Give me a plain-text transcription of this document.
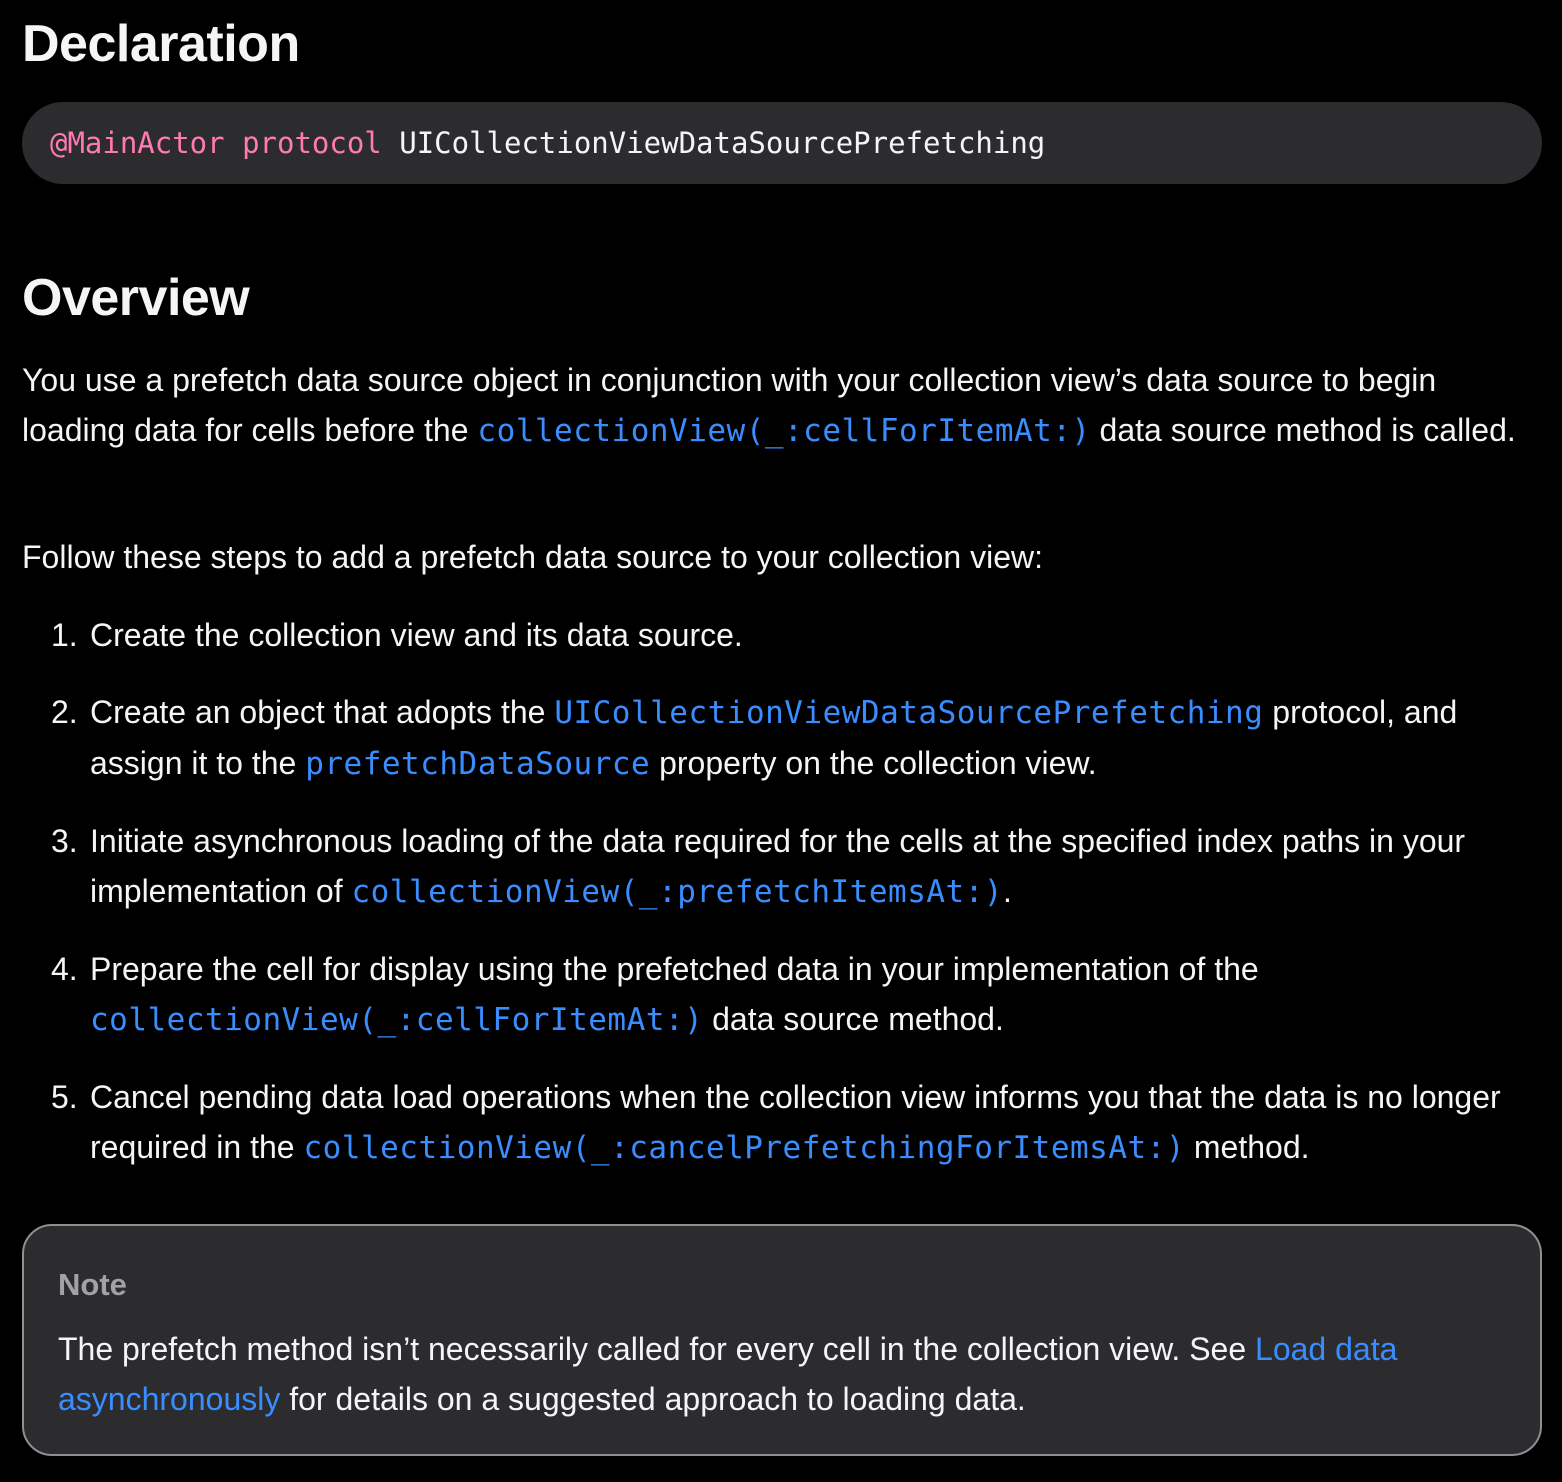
Declaration
@MainActor
protocol
UICollectionViewDataSourcePrefetching
Overview

You use a prefetch data source object in conjunction with your collection view’s data source to begin loading data for cells before the collectionView(_:cellForItemAt:) data source method is called.

Follow these steps to add a prefetch data source to your collection view:

1. Create the collection view and its data source.
2. Create an object that adopts the UICollectionViewDataSourcePrefetching protocol, and assign it to the prefetchDataSource property on the collection view.
3. Initiate asynchronous loading of the data required for the cells at the specified index paths in your implementation of collectionView(_:prefetchItemsAt:).
4. Prepare the cell for display using the prefetched data in your implementation of the collectionView(_:cellForItemAt:) data source method.
5. Cancel pending data load operations when the collection view informs you that the data is no longer required in the collectionView(_:cancelPrefetchingForItemsAt:) method.
Note
The prefetch method isn’t necessarily called for every cell in the collection view. See Load data asynchronously for details on a suggested approach to loading data.
